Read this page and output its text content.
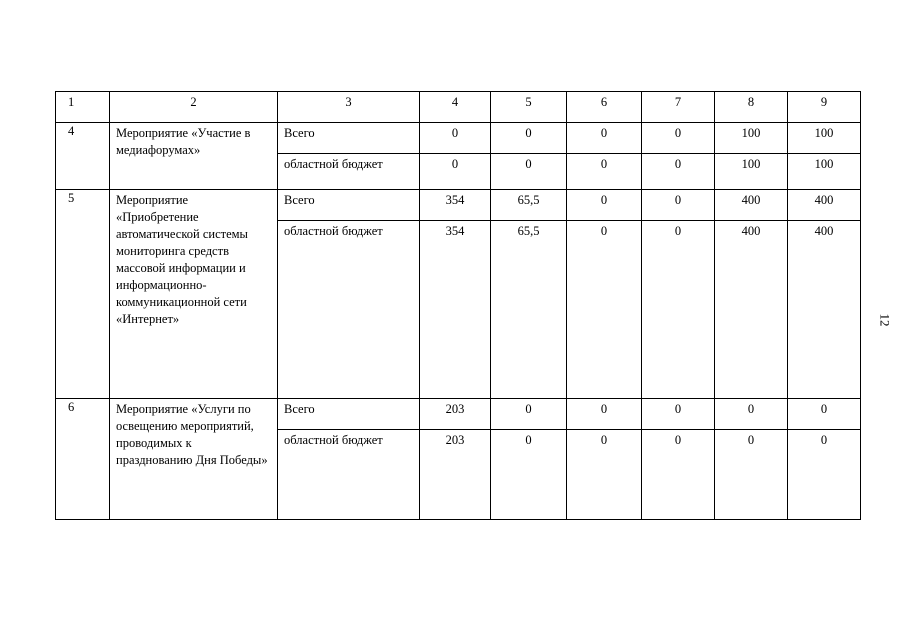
1	2	3	4	5	6	7	8	9
4	Мероприятие «Участие в медиафорумах»	Всего	0	0	0	0	100	100
		областной бюджет	0	0	0	0	100	100
5	Мероприятие «Приобретение автоматической системы мониторинга средств массовой информации и информационно-коммуникационной сети «Интернет»	Всего	354	65,5	0	0	400	400
		областной бюджет	354	65,5	0	0	400	400
6	Мероприятие «Услуги по освещению мероприятий, проводимых к празднованию Дня Победы»	Всего	203	0	0	0	0	0
		областной бюджет	203	0	0	0	0	0
12
